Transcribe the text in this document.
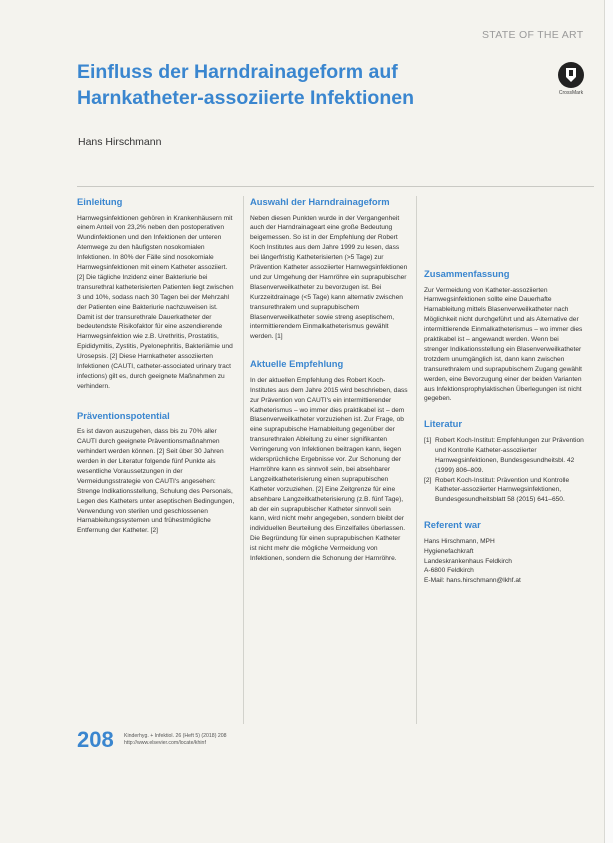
STATE OF THE ART
Einfluss der Harndrainageform auf
Harnkatheter-assoziierte Infektionen	CrossMark
Hans Hirschmann
Einleitung

Harnwegsinfektionen gehören in Krankenhäusern mit einem Anteil von 23,2% neben den postoperativen Wundinfektionen und den Infektionen der unteren Atemwege zu den häufigsten nosokomialen Infektionen. In 80% der Fälle sind nosokomiale Harnwegsinfektionen mit einem Katheter assoziiert. [2] Die tägliche Inzidenz einer Bakteriurie bei transurethral katheterisierten Patienten liegt zwischen 3 und 10%, sodass nach 30 Tagen bei der Mehrzahl der Patienten eine Bakteriurie nachzuweisen ist. Damit ist der transurethrale Dauerkatheter der bedeutendste Risikofaktor für eine aszendierende Harnwegsinfektion wie z.B. Urethritis, Prostatitis, Epididymitis, Zystitis, Pyelonephritis, Bakteriämie und Urosepsis. [2] Diese Harnkatheter assoziierten Infektionen (CAUTI, catheter-associated urinary tract infections) gilt es, durch geeignete Maßnahmen zu verhindern.

Präventionspotential

Es ist davon auszugehen, dass bis zu 70% aller CAUTI durch geeignete Präventionsmaßnahmen verhindert werden können. [2] Seit über 30 Jahren werden in der Literatur folgende fünf Punkte als wesentliche Voraussetzungen in der Vermeidungsstrategie von CAUTI's angesehen: Strenge Indikationsstellung, Schulung des Personals, Legen des Katheters unter aseptischen Bedingungen, Verwendung von sterilen und geschlossenen Harnableitungssystemen und frühestmögliche Entfernung der Katheter. [2]

Auswahl der Harndrainageform

Neben diesen Punkten wurde in der Vergangenheit auch der Harndrainageart eine große Bedeutung beigemessen. So ist in der Empfehlung der Robert Koch Institutes aus dem Jahre 1999 zu lesen, dass bei längerfristig Katheterisierten (>5 Tage) zur Prävention Katheter assoziierter Harnwegsinfektionen und zur Umgehung der Harnröhre ein suprapubischer Blasenverweilkatheter zu bevorzugen ist. Bei Kurzzeitdrainage (<5 Tage) kann alternativ zwischen transurethralem und suprapubischem Blasenverweilkatheter sowie streng aseptischem, intermittierendem Einmalkatheterismus gewählt werden. [1]

Aktuelle Empfehlung

In der aktuellen Empfehlung des Robert Koch-Institutes aus dem Jahre 2015 wird beschrieben, dass zur Prävention von CAUTI's ein intermittierender Katheterismus – wo immer dies praktikabel ist – dem Blasenverweilkatheter vorzuziehen ist. Zur Frage, ob eine suprapubische Harnableitung gegenüber der transurethralen Ableitung zu einer signifikanten Verringerung von Infektionen beitragen kann, liegen widersprüchliche Ergebnisse vor. Zur Schonung der Harnröhre kann es sinnvoll sein, bei absehbarer Langzeitkatheterisierung einen suprapubischen Katheter vorzuziehen. [2] Eine Zeitgrenze für eine absehbare Langzeitkatheterisierung (z.B. fünf Tage), ab der ein suprapubischer Katheter sinnvoll sein kann, wird nicht mehr angegeben, sondern bleibt der individuellen Beurteilung des Einzelfalles überlassen. Die Begründung für einen suprapubischen Katheter ist nicht mehr die mögliche Vermeidung von Infektionen, sondern die Schonung der Harnröhre.

Zusammenfassung

Zur Vermeidung von Katheter-assoziierten Harnwegsinfektionen sollte eine Dauerhafte Harnableitung mittels Blasenverweilkatheter nach Möglichkeit nicht durchgeführt und als Alternative der intermittierende Einmalkatheterismus – wo immer dies praktikabel ist – angewandt werden. Wenn bei strenger Indikationsstellung ein Blasenverweilkatheter trotzdem unumgänglich ist, dann kann zwischen transurethralem und suprapubischem Zugang gewählt werden, eine Bevorzugung einer der beiden Varianten aus Infektionsprophylaktischen Überlegungen ist nicht gegeben.

Literatur
[1] Robert Koch-Institut: Empfehlungen zur Prävention und Kontrolle Katheter-assoziierter Harnwegsinfektionen, Bundesgesundheitsbl. 42 (1999) 806–809.
[2] Robert Koch-Institut: Prävention und Kontrolle Katheter-assoziierter Harnwegsinfektionen, Bundesgesundheitsblatt 58 (2015) 641–650.
Referent war
Hans Hirschmann, MPH
Hygienefachkraft
Landeskrankenhaus Feldkirch
A-6800 Feldkirch
E-Mail: hans.hirschmann@lkhf.at
208 Kinderhyg. + Infektiol. 26 (Heft 5) (2018) 208
http://www.elsevier.com/locate/khinf
